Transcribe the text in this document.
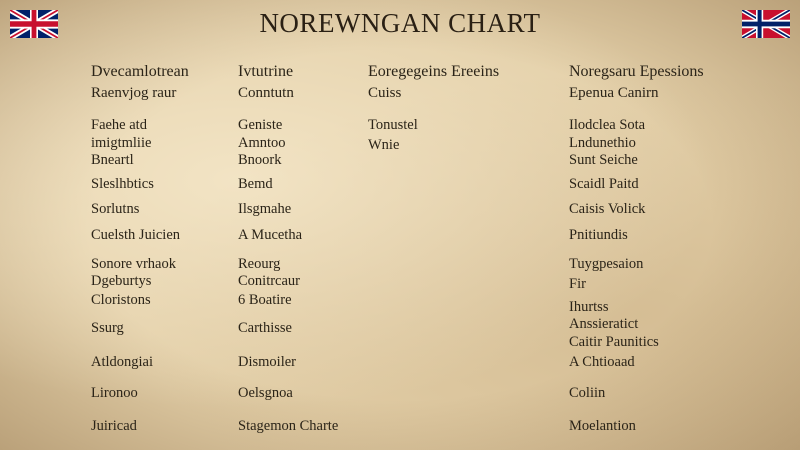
NOREWNGAN CHART
Dvecamlotrean
Raenvjog raur
Faehe atd
imigtmliie
Bneartl
Sleslhbtics
Sorlutns
Cuelsth Juicien
Sonore vrhaok
Dgeburtys
Cloristons
Ssurg
Atldongiai
Lironoo
Juiricad
Ivtutrine
Conntutn
Geniste
Amntoo
Bnoork
Bemd
Ilsgmahe
A Mucetha
Reourg
Conitrcaur
6 Boatire
Carthisse
Dismoiler
Oelsgnoa
Stagemon Charte
Eoregegeins Ereeins
Cuiss
Tonustel
Wnie
Noregsaru Epessions
Epenua Canirn
Ilodclea Sota
Lndunethio
Sunt Seiche
Scaidl Paitd
Caisis Volick
Pnitiundis
Tuygpesaion
Fir
Ihurtss
Anssieratict
Caitir Paunitics
A Chtioaad
Coliin
Moelantion
